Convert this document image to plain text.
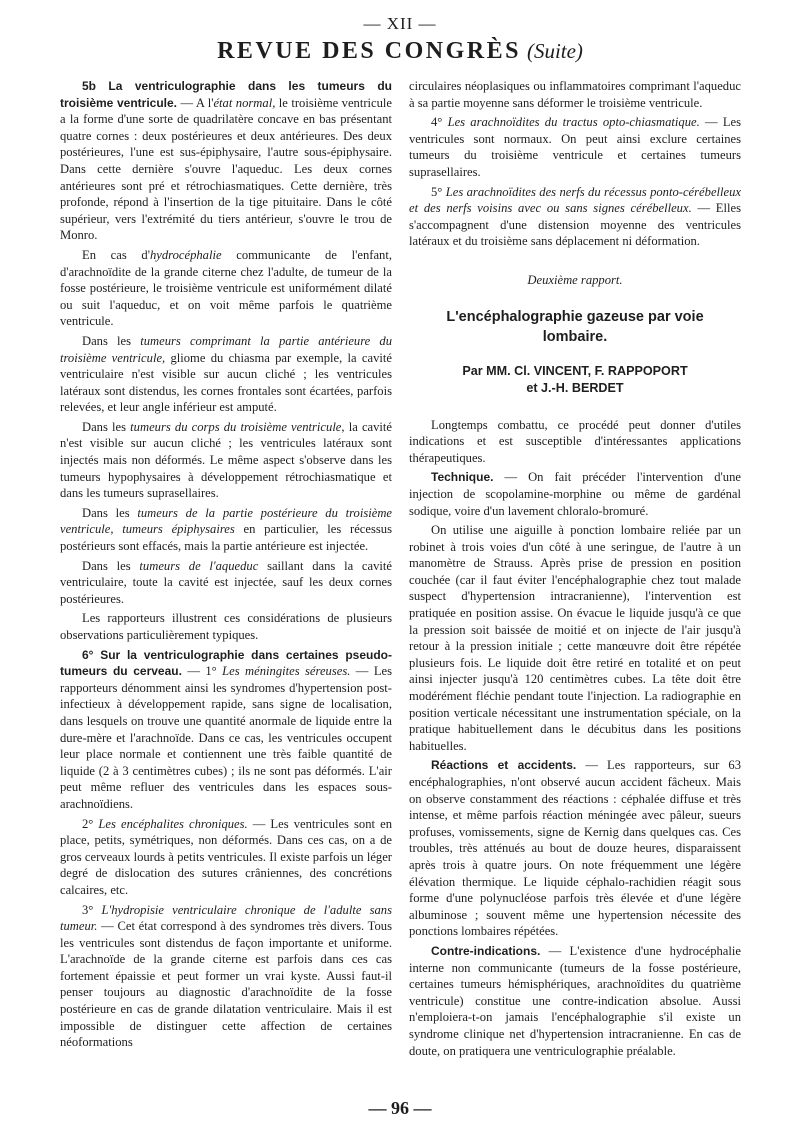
— XII —
REVUE DES CONGRÈS (Suite)

5b La ventriculographie dans les tumeurs du troisième ventricule. — A l'état normal, le troisième ventricule a la forme d'une sorte de quadrilatère concave en bas présentant quatre cornes : deux postérieures et deux antérieures. Des deux postérieures, l'une est sus-épiphysaire, l'autre sous-épiphysaire. Dans cette dernière s'ouvre l'aqueduc. Les deux cornes antérieures sont pré et rétrochiasmatiques. Cette dernière, très profonde, répond à l'insertion de la tige pituitaire. Dans le côté supérieur, vers l'extrémité du tiers antérieur, s'ouvre le trou de Monro.

En cas d'hydrocéphalie communicante de l'enfant, d'arachnoïdite de la grande citerne chez l'adulte, de tumeur de la fosse postérieure, le troisième ventricule est uniformément dilaté ou suit l'aqueduc, et on voit même parfois le quatrième ventricule.

Dans les tumeurs comprimant la partie antérieure du troisième ventricule, gliome du chiasma par exemple, la cavité ventriculaire n'est visible sur aucun cliché ; les ventricules latéraux sont distendus, les cornes frontales sont écartées, parfois relevées, et leur angle inférieur est amputé.

Dans les tumeurs du corps du troisième ventricule, la cavité n'est visible sur aucun cliché ; les ventricules latéraux sont injectés mais non déformés. Le même aspect s'observe dans les tumeurs hypophysaires à développement rétrochiasmatique et dans les tumeurs suprasellaires.

Dans les tumeurs de la partie postérieure du troisième ventricule, tumeurs épiphysaires en particulier, les récessus postérieurs sont effacés, mais la partie antérieure est injectée.

Dans les tumeurs de l'aqueduc saillant dans la cavité ventriculaire, toute la cavité est injectée, sauf les deux cornes postérieures.

Les rapporteurs illustrent ces considérations de plusieurs observations particulièrement typiques.

6° Sur la ventriculographie dans certaines pseudo-tumeurs du cerveau. — 1° Les méningites séreuses. — Les rapporteurs dénomment ainsi les syndromes d'hypertension post-infectieux à développement rapide, sans signe de localisation, dans lesquels on trouve une quantité anormale de liquide entre la dure-mère et l'arachnoïde. Dans ce cas, les ventricules occupent leur place normale et contiennent une très faible quantité de liquide (2 à 3 centimètres cubes) ; ils ne sont pas déformés. L'air peut même refluer des ventricules dans les espaces sous-arachnoïdiens.

2° Les encéphalites chroniques. — Les ventricules sont en place, petits, symétriques, non déformés. Dans ces cas, on a de gros cerveaux lourds à petits ventricules. Il existe parfois un léger degré de dislocation des sutures crâniennes, des concrétions calcaires, etc.

3° L'hydropisie ventriculaire chronique de l'adulte sans tumeur. — Cet état correspond à des syndromes très divers. Tous les ventricules sont distendus de façon importante et uniforme. L'arachnoïde de la grande citerne est parfois dans ces cas fortement épaissie et peut former un vrai kyste. Aussi faut-il penser toujours au diagnostic d'arachnoïdite de la fosse postérieure en cas de grande dilatation ventriculaire. Mais il est impossible de distinguer cette affection de certaines néoformations

circulaires néoplasiques ou inflammatoires comprimant l'aqueduc à sa partie moyenne sans déformer le troisième ventricule.

4° Les arachnoïdites du tractus opto-chiasmatique. — Les ventricules sont normaux. On peut ainsi exclure certaines tumeurs du troisième ventricule et certaines tumeurs suprasellaires.

5° Les arachnoïdites des nerfs du récessus ponto-cérébelleux et des nerfs voisins avec ou sans signes cérébelleux. — Elles s'accompagnent d'une distension moyenne des ventricules latéraux et du troisième sans déplacement ni déformation.

Deuxième rapport.

L'encéphalographie gazeuse par voie lombaire.

Par MM. Cl. VINCENT, F. RAPPOPORT
et J.-H. BERDET

Longtemps combattu, ce procédé peut donner d'utiles indications et est susceptible d'intéressantes applications thérapeutiques.

Technique. — On fait précéder l'intervention d'une injection de scopolamine-morphine ou même de gardénal sodique, voire d'un lavement chloralo-bromuré.

On utilise une aiguille à ponction lombaire reliée par un robinet à trois voies d'un côté à une seringue, de l'autre à un manomètre de Strauss. Après prise de pression en position couchée (car il faut éviter l'encéphalographie chez tout malade suspect d'hypertension intracranienne), l'intervention est pratiquée en position assise. On évacue le liquide jusqu'à ce que la pression soit baissée de moitié et on injecte de l'air jusqu'à retour à la pression initiale ; cette manœuvre doit être répétée plusieurs fois. Le liquide doit être retiré en totalité et on peut ainsi injecter jusqu'à 120 centimètres cubes. La tête doit être modérément fléchie pendant toute l'injection. La radiographie en position verticale nécessitant une instrumentation spéciale, on la pratique habituellement dans le décubitus dans les positions habituelles.

Réactions et accidents. — Les rapporteurs, sur 63 encéphalographies, n'ont observé aucun accident fâcheux. Mais on observe constamment des réactions : céphalée diffuse et très intense, et même parfois réaction méningée avec pâleur, sueurs profuses, vomissements, signe de Kernig dans quelques cas. Ces troubles, très atténués au bout de douze heures, disparaissent après trois à quatre jours. On note fréquemment une légère élévation thermique. Le liquide céphalo-rachidien réagit sous forme d'une polynucléose parfois très élevée et d'une légère albuminose ; souvent même une hypertension nécessite des ponctions lombaires répétées.

Contre-indications. — L'existence d'une hydrocéphalie interne non communicante (tumeurs de la fosse postérieure, certaines tumeurs hémisphériques, arachnoïdites du quatrième ventricule) constitue une contre-indication absolue. Aussi n'emploiera-t-on jamais l'encéphalographie s'il existe un syndrome clinique net d'hypertension intracranienne. En cas de doute, on pratiquera une ventriculographie préalable.

— 96 —
